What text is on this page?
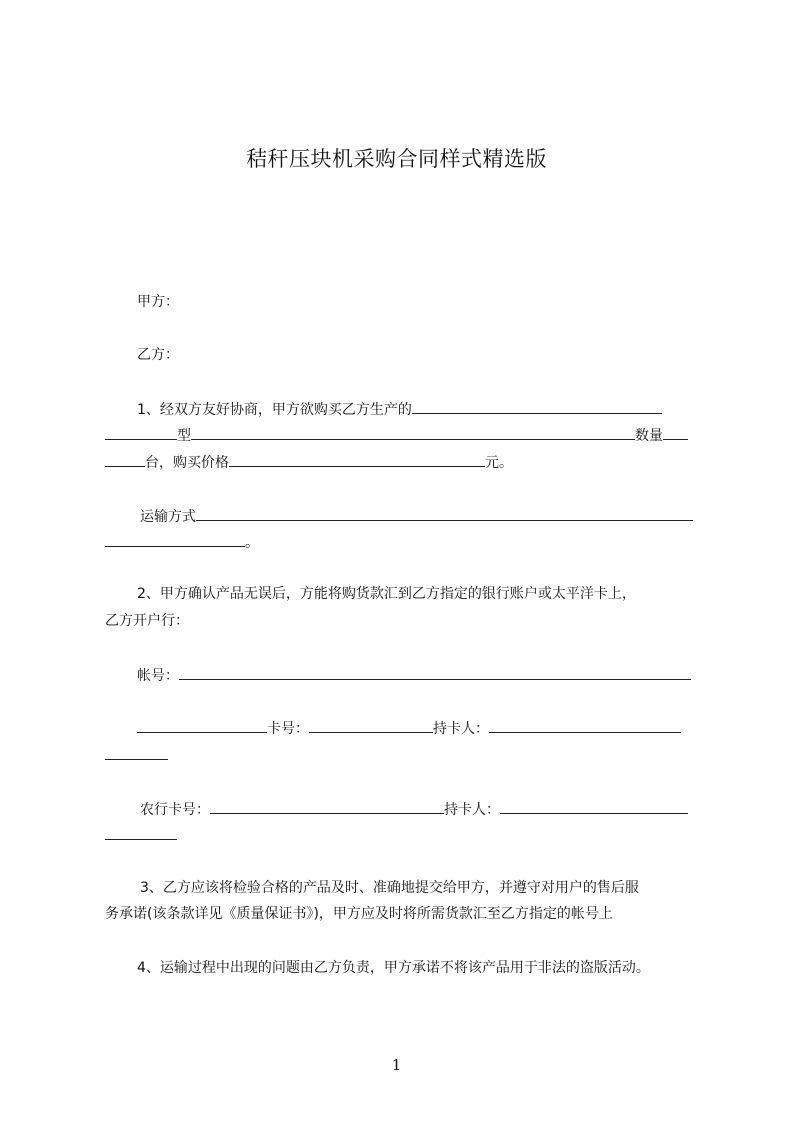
秸秆压块机采购合同样式精选版
甲方：
乙方：
1、经双方友好协商，甲方欲购买乙方生产的
型	数量
台，购买价格	元。
运输方式
。
2、甲方确认产品无误后，方能将购货款汇到乙方指定的银行账户或太平洋卡上，
乙方开户行：
帐号：
卡号：	持卡人：
农行卡号：	持卡人：
3、乙方应该将检验合格的产品及时、准确地提交给甲方，并遵守对用户的售后服
务承诺(该条款详见《质量保证书》)，甲方应及时将所需货款汇至乙方指定的帐号上
4、运输过程中出现的问题由乙方负责，甲方承诺不将该产品用于非法的盗版活动。
1
